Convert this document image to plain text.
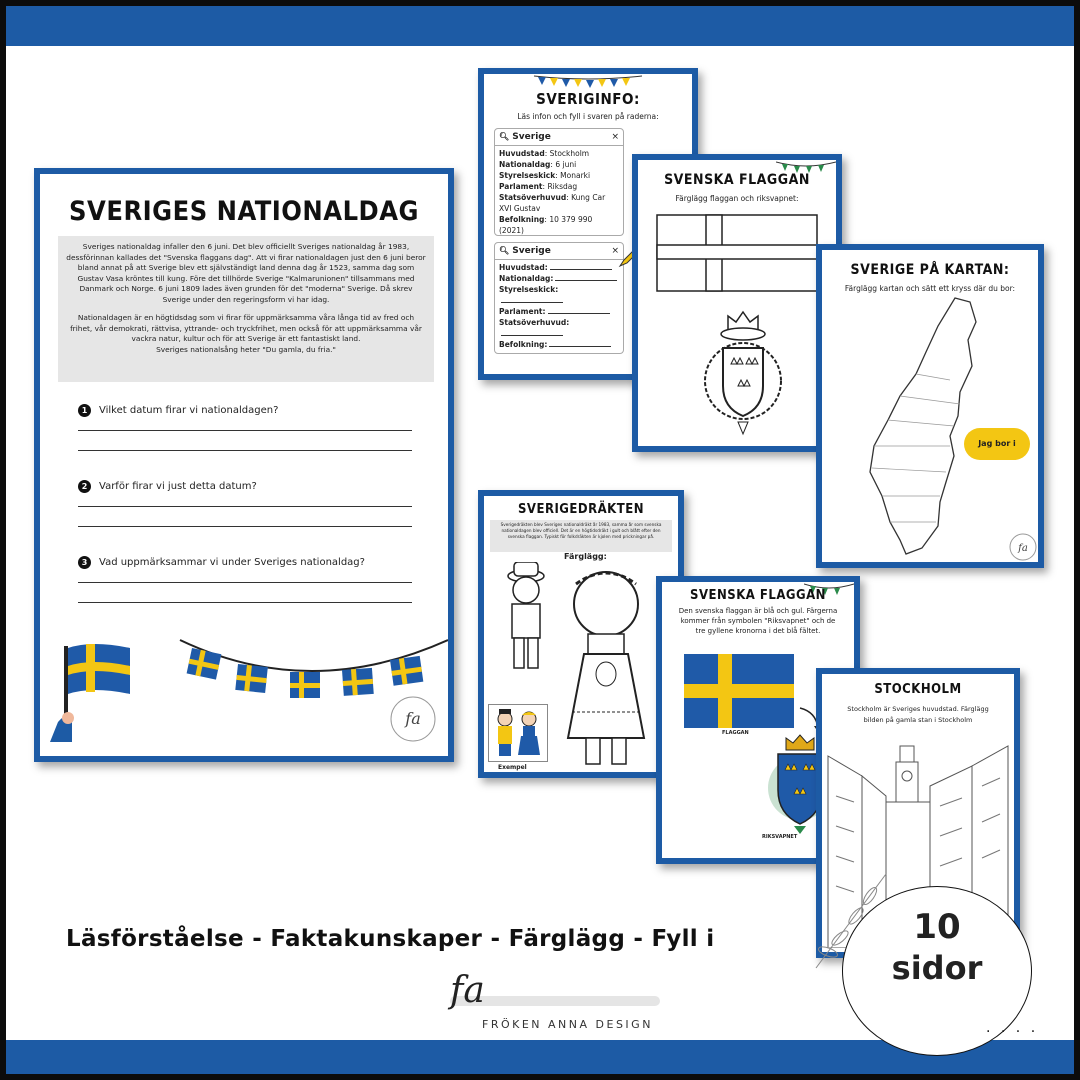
SVERIGES NATIONALDAG
Sveriges nationaldag infaller den 6 juni. Det blev officiellt Sveriges nationaldag år 1983, dessförinnan kallades det "Svenska flaggans dag". Att vi firar nationaldagen just den 6 juni beror bland annat på att Sverige blev ett självständigt land denna dag år 1523, samma dag som Gustav Vasa kröntes till kung. Före det tillhörde Sverige "Kalmarunionen" tillsammans med Danmark och Norge. 6 juni 1809 lades även grunden för det "moderna" Sverige. Då skrev Sverige under den regeringsform vi har idag.
Nationaldagen är en högtidsdag som vi firar för uppmärksamma våra långa tid av fred och frihet, vår demokrati, rättvisa, yttrande- och tryckfrihet, men också för att uppmärksamma vår vackra natur, kultur och för att Sverige är ett fantastiskt land.
Sveriges nationalsång heter "Du gamla, du fria."
1 Vilket datum firar vi nationaldagen?
2 Varför firar vi just detta datum?
3 Vad uppmärksammar vi under Sveriges nationaldag?
fa
SVERIGINFO:
Läs infon och fyll i svaren på raderna:
🔍︎ Sverige	×
Huvudstad: Stockholm
Nationaldag: 6 juni
Styrelseskick: Monarki
Parlament: Riksdag
Statsöverhuvud: Kung Car XVI Gustav
Befolkning: 10 379 990 (2021)
🔍︎ Sverige	×
Huvudstad:
Nationaldag:
Styrelseskick:
Parlament:
Statsöverhuvud:
Befolkning:
SVENSKA FLAGGAN
Färglägg flaggan och riksvapnet:
SVERIGE PÅ KARTAN:
Färglägg kartan och sätt ett kryss där du bor:
Jag bor i
fa
SVERIGEDRÄKTEN
Sverigedräkten blev Sveriges nationaldräkt år 1983, samma år som svenska nationaldagen blev officiell. Det är en högtidsdräkt i gult och blått efter den svenska flaggan. Typiskt för folkdräkten är kjolen med prickningar på.
Färglägg:
Exempel
SVENSKA FLAGGAN
Den svenska flaggan är blå och gul. Färgerna kommer från symbolen "Riksvapnet" och de tre gyllene kronorna i det blå fältet.
FLAGGAN
RIKSVAPNET
STOCKHOLM
Stockholm är Sveriges huvudstad. Färglägg bilden på gamla stan i Stockholm
Läsförståelse - Faktakunskaper - Färglägg - Fyll i	10
sidor
. . . .
fa
FRÖKEN ANNA DESIGN
